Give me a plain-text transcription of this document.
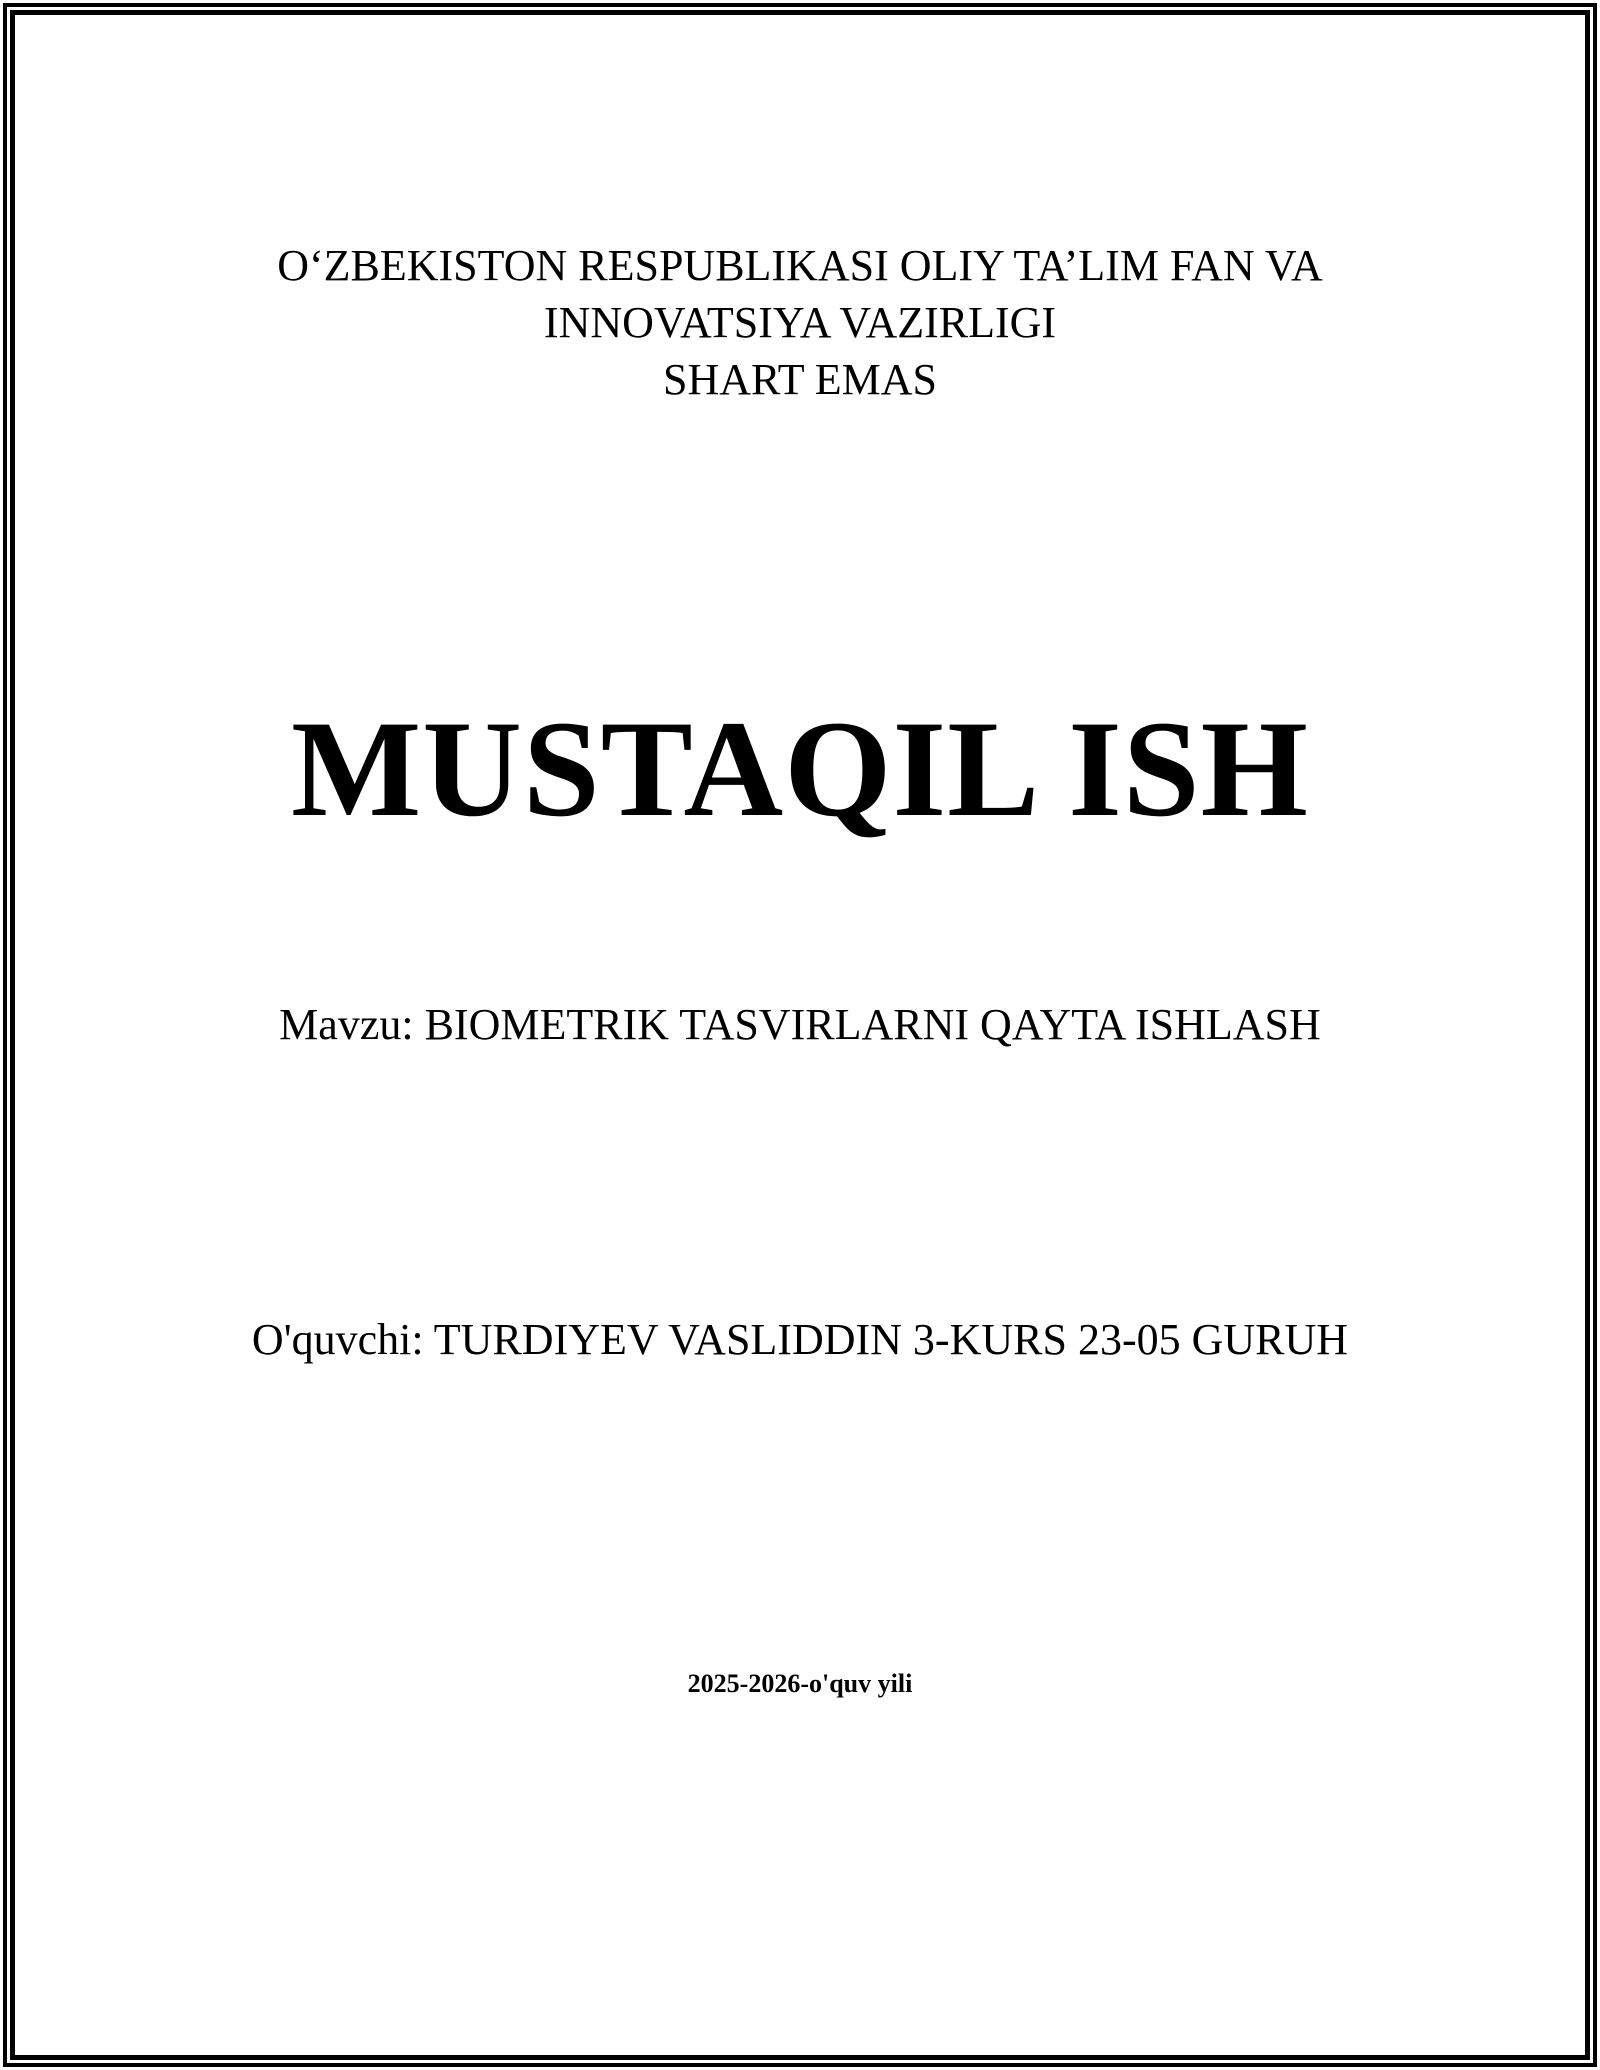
O‘ZBEKISTON RESPUBLIKASI OLIY TA’LIM FAN VA
INNOVATSIYA VAZIRLIGI
SHART EMAS
MUSTAQIL ISH
Mavzu: BIOMETRIK TASVIRLARNI QAYTA ISHLASH
O'quvchi: TURDIYEV VASLIDDIN 3-KURS 23-05 GURUH
2025-2026-o'quv yili
